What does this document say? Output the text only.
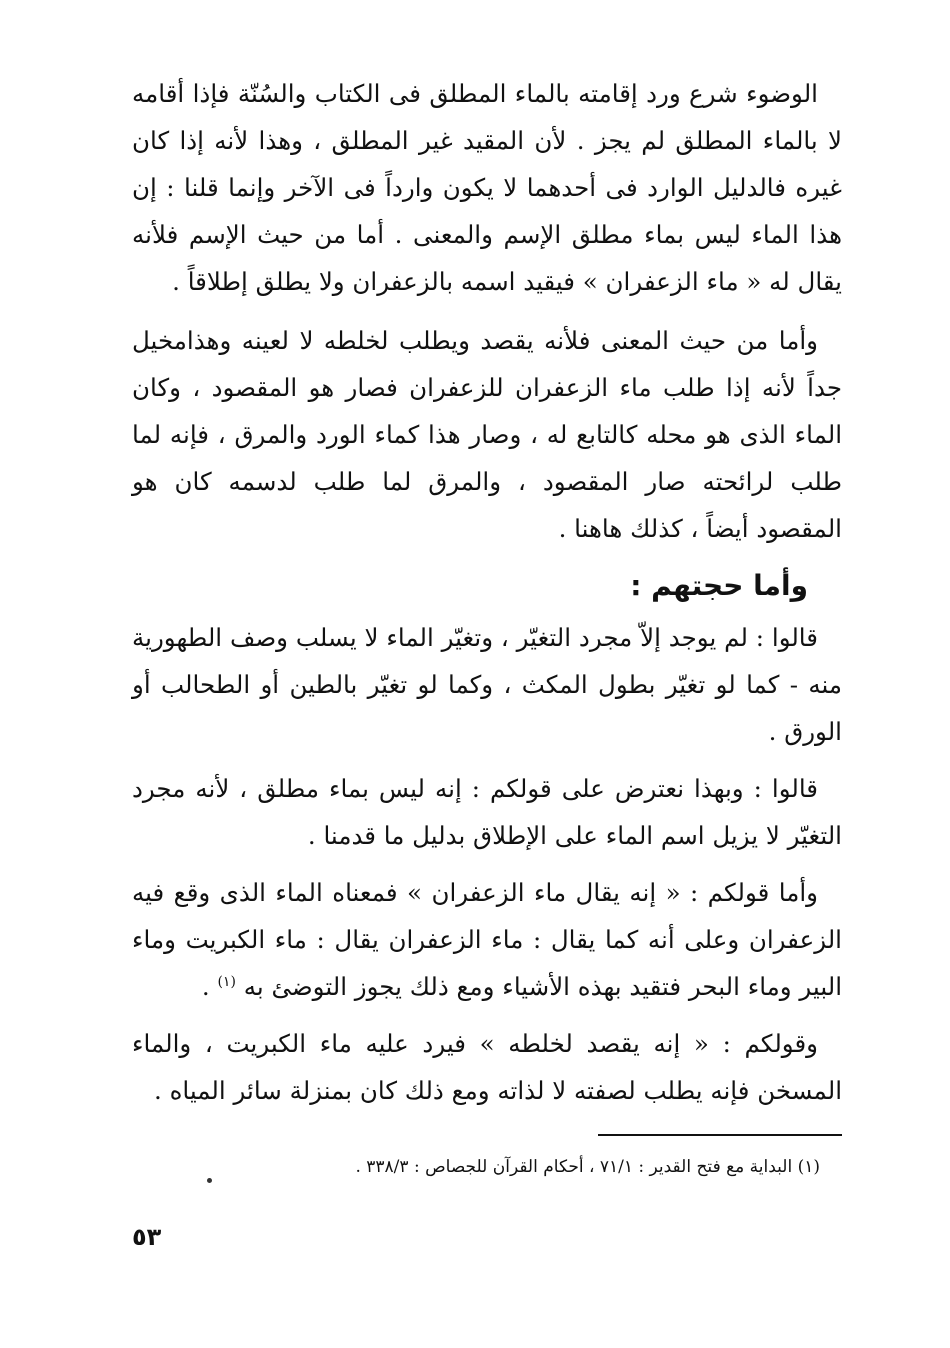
الوضوء شرع ورد إقامته بالماء المطلق فى الكتاب والسُنّة فإذا أقامه لا بالماء المطلق لم يجز . لأن المقيد غير المطلق ، وهذا لأنه إذا كان غيره فالدليل الوارد فى أحدهما لا يكون وارداً فى الآخر وإنما قلنا : إن هذا الماء ليس بماء مطلق الإسم والمعنى . أما من حيث الإسم فلأنه يقال له « ماء الزعفران » فيقيد اسمه بالزعفران ولا يطلق إطلاقاً .

وأما من حيث المعنى فلأنه يقصد ويطلب لخلطه لا لعينه وهذامخيل جداً لأنه إذا طلب ماء الزعفران للزعفران فصار هو المقصود ، وكان الماء الذى هو محله كالتابع له ، وصار هذا كماء الورد والمرق ، فإنه لما طلب لرائحته صار المقصود ، والمرق لما طلب لدسمه كان هو المقصود أيضاً ، كذلك هاهنا .

وأما حجتهم :

قالوا : لم يوجد إلاّ مجرد التغيّر ، وتغيّر الماء لا يسلب وصف الطهورية منه - كما لو تغيّر بطول المكث ، وكما لو تغيّر بالطين أو الطحالب أو الورق .

قالوا : وبهذا نعترض على قولكم : إنه ليس بماء مطلق ، لأنه مجرد التغيّر لا يزيل اسم الماء على الإطلاق بدليل ما قدمنا .

وأما قولكم : « إنه يقال ماء الزعفران » فمعناه الماء الذى وقع فيه الزعفران وعلى أنه كما يقال : ماء الزعفران يقال : ماء الكبريت وماء البير وماء البحر فتقيد بهذه الأشياء ومع ذلك يجوز التوضئ به $^{(١)}$ .

وقولكم : « إنه يقصد لخلطه » فيرد عليه ماء الكبريت ، والماء المسخن فإنه يطلب لصفته لا لذاته ومع ذلك كان بمنزلة سائر المياه .

(١) البداية مع فتح القدير : ٧١/١ ، أحكام القرآن للجصاص : ٣٣٨/٣ .
٥٣
